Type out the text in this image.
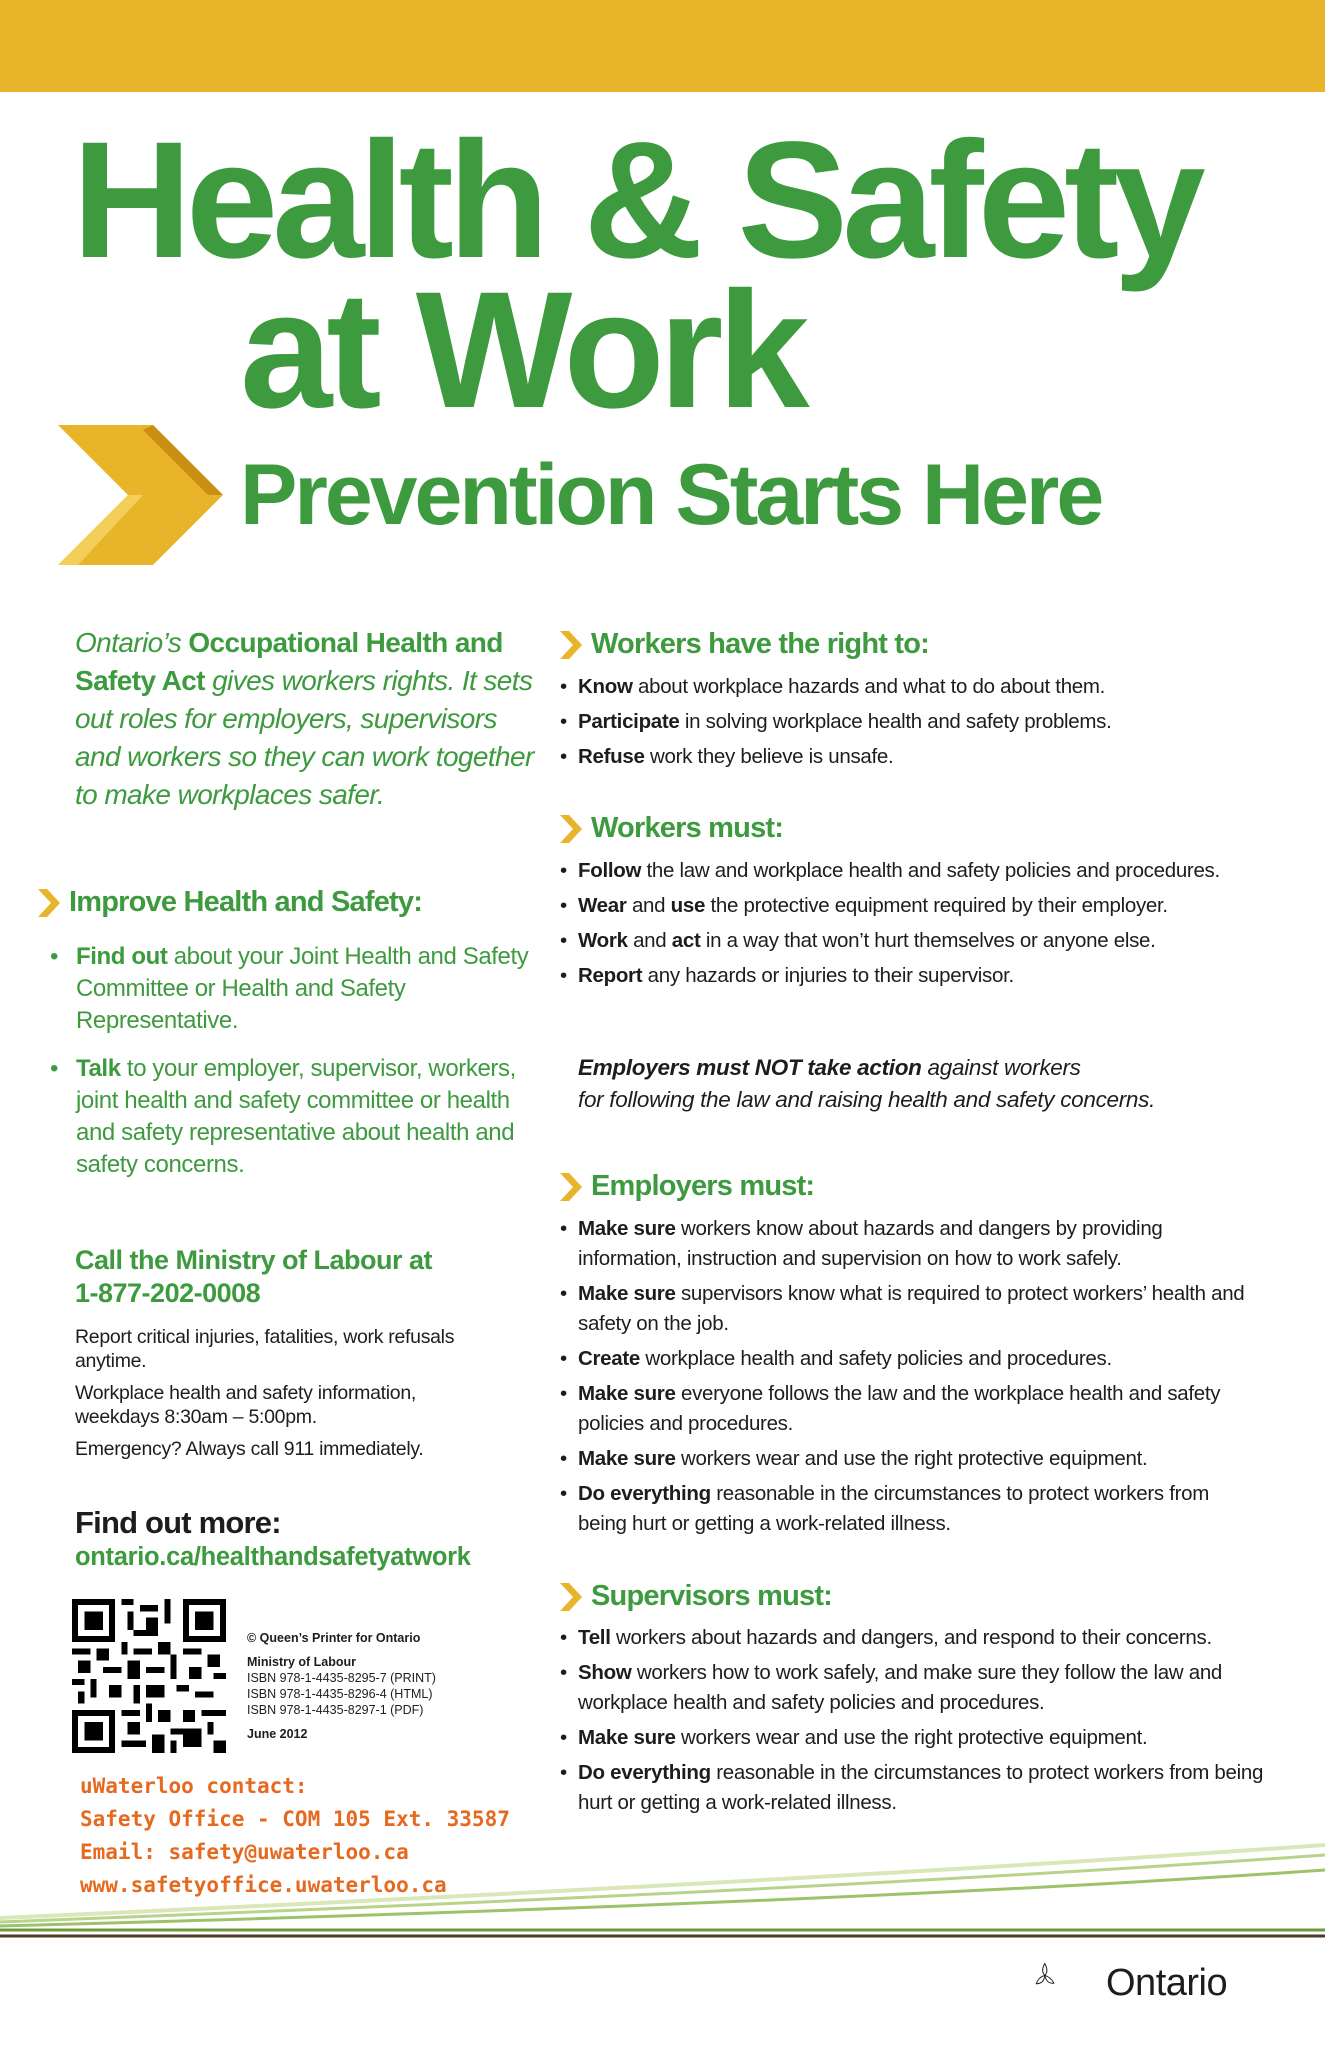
Health & Safety
at Work
Prevention Starts Here

Ontario’s Occupational Health and Safety Act gives workers rights. It sets out roles for employers, supervisors and workers so they can work together to make workplaces safer.

Improve Health and Safety:
• Find out about your Joint Health and Safety Committee or Health and Safety Representative.
• Talk to your employer, supervisor, workers, joint health and safety committee or health and safety representative about health and safety concerns.
Call the Ministry of Labour at
1-877-202-0008

Report critical injuries, fatalities, work refusals anytime.

Workplace health and safety information, weekdays 8:30am – 5:00pm.

Emergency? Always call 911 immediately.

Find out more:

ontario.ca/healthandsafetyatwork

© Queen’s Printer for Ontario
Ministry of Labour
ISBN 978-1-4435-8295-7 (PRINT)
ISBN 978-1-4435-8296-4 (HTML)
ISBN 978-1-4435-8297-1 (PDF)
June 2012
uWaterloo contact:
Safety Office - COM 105 Ext. 33587
Email: safety@uwaterloo.ca
www.safetyoffice.uwaterloo.ca
Workers have the right to:
• Know about workplace hazards and what to do about them.
• Participate in solving workplace health and safety problems.
• Refuse work they believe is unsafe.
Workers must:
• Follow the law and workplace health and safety policies and procedures.
• Wear and use the protective equipment required by their employer.
• Work and act in a way that won’t hurt themselves or anyone else.
• Report any hazards or injuries to their supervisor.
Employers must NOT take action against workers
for following the law and raising health and safety concerns.
Employers must:
• Make sure workers know about hazards and dangers by providing information, instruction and supervision on how to work safely.
• Make sure supervisors know what is required to protect workers’ health and safety on the job.
• Create workplace health and safety policies and procedures.
• Make sure everyone follows the law and the workplace health and safety policies and procedures.
• Make sure workers wear and use the right protective equipment.
• Do everything reasonable in the circumstances to protect workers from being hurt or getting a work-related illness.
Supervisors must:
• Tell workers about hazards and dangers, and respond to their concerns.
• Show workers how to work safely, and make sure they follow the law and workplace health and safety policies and procedures.
• Make sure workers wear and use the right protective equipment.
• Do everything reasonable in the circumstances to protect workers from being hurt or getting a work-related illness.
Ontario
